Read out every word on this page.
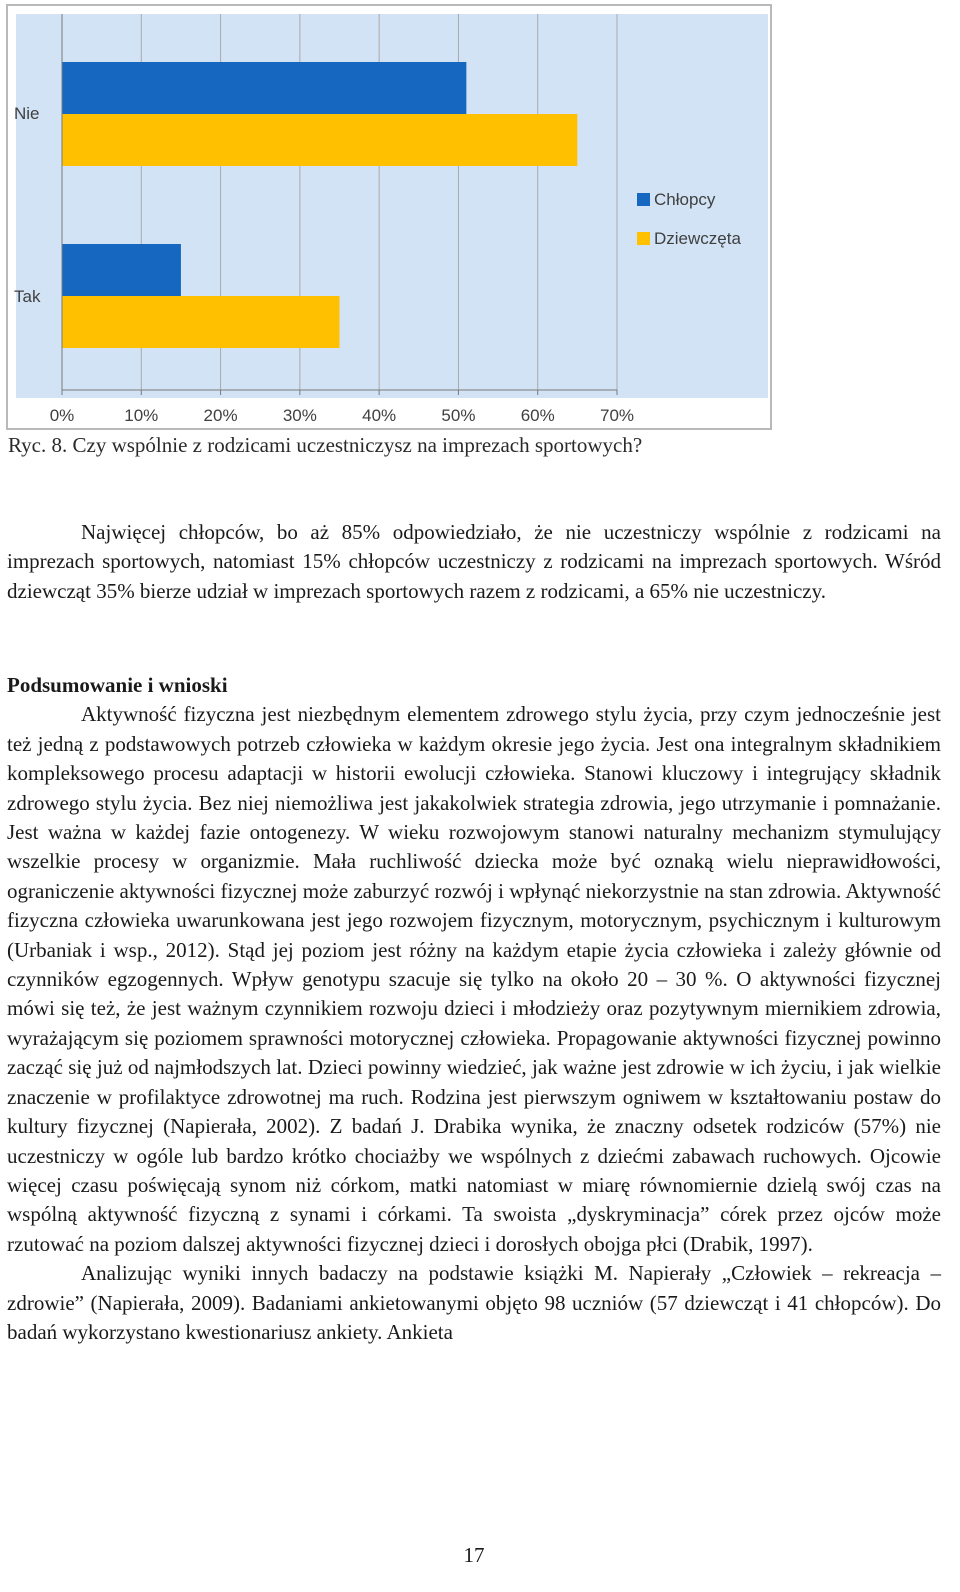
Nie
Tak
0%	10%	20%	30%	40%	50%	60%	70%
Chłopcy
Dziewczęta
Ryc. 8. Czy wspólnie z rodzicami uczestniczysz na imprezach sportowych?

Najwięcej chłopców, bo aż 85% odpowiedziało, że nie uczestniczy wspólnie z rodzicami na imprezach sportowych, natomiast 15% chłopców uczestniczy z rodzicami na imprezach sportowych. Wśród dziewcząt 35% bierze udział w imprezach sportowych razem z rodzicami, a 65% nie uczestniczy.

Podsumowanie i wnioski

Aktywność fizyczna jest niezbędnym elementem zdrowego stylu życia, przy czym jednocześnie jest też jedną z podstawowych potrzeb człowieka w każdym okresie jego życia. Jest ona integralnym składnikiem kompleksowego procesu adaptacji w historii ewolucji człowieka. Stanowi kluczowy i integrujący składnik zdrowego stylu życia. Bez niej niemożliwa jest jakakolwiek strategia zdrowia, jego utrzymanie i pomnażanie. Jest ważna w każdej fazie ontogenezy. W wieku rozwojowym stanowi naturalny mechanizm stymulujący wszelkie procesy w organizmie. Mała ruchliwość dziecka może być oznaką wielu nieprawidłowości, ograniczenie aktywności fizycznej może zaburzyć rozwój i wpłynąć niekorzystnie na stan zdrowia. Aktywność fizyczna człowieka uwarunkowana jest jego rozwojem fizycznym, motorycznym, psychicznym i kulturowym (Urbaniak i wsp., 2012). Stąd jej poziom jest różny na każdym etapie życia człowieka i zależy głównie od czynników egzogennych. Wpływ genotypu szacuje się tylko na około 20 – 30 %. O aktywności fizycznej mówi się też, że jest ważnym czynnikiem rozwoju dzieci i młodzieży oraz pozytywnym miernikiem zdrowia, wyrażającym się poziomem sprawności motorycznej człowieka. Propagowanie aktywności fizycznej powinno zacząć się już od najmłodszych lat. Dzieci powinny wiedzieć, jak ważne jest zdrowie w ich życiu, i jak wielkie znaczenie w profilaktyce zdrowotnej ma ruch. Rodzina jest pierwszym ogniwem w kształtowaniu postaw do kultury fizycznej (Napierała, 2002). Z badań J. Drabika wynika, że znaczny odsetek rodziców (57%) nie uczestniczy w ogóle lub bardzo krótko chociażby we wspólnych z dziećmi zabawach ruchowych. Ojcowie więcej czasu poświęcają synom niż córkom, matki natomiast w miarę równomiernie dzielą swój czas na wspólną aktywność fizyczną z synami i córkami. Ta swoista „dyskryminacja” córek przez ojców może rzutować na poziom dalszej aktywności fizycznej dzieci i dorosłych obojga płci (Drabik, 1997).

Analizując wyniki innych badaczy na podstawie książki M. Napierały „Człowiek – rekreacja – zdrowie” (Napierała, 2009). Badaniami ankietowanymi objęto 98 uczniów (57 dziewcząt i 41 chłopców). Do badań wykorzystano kwestionariusz ankiety. Ankieta

17
